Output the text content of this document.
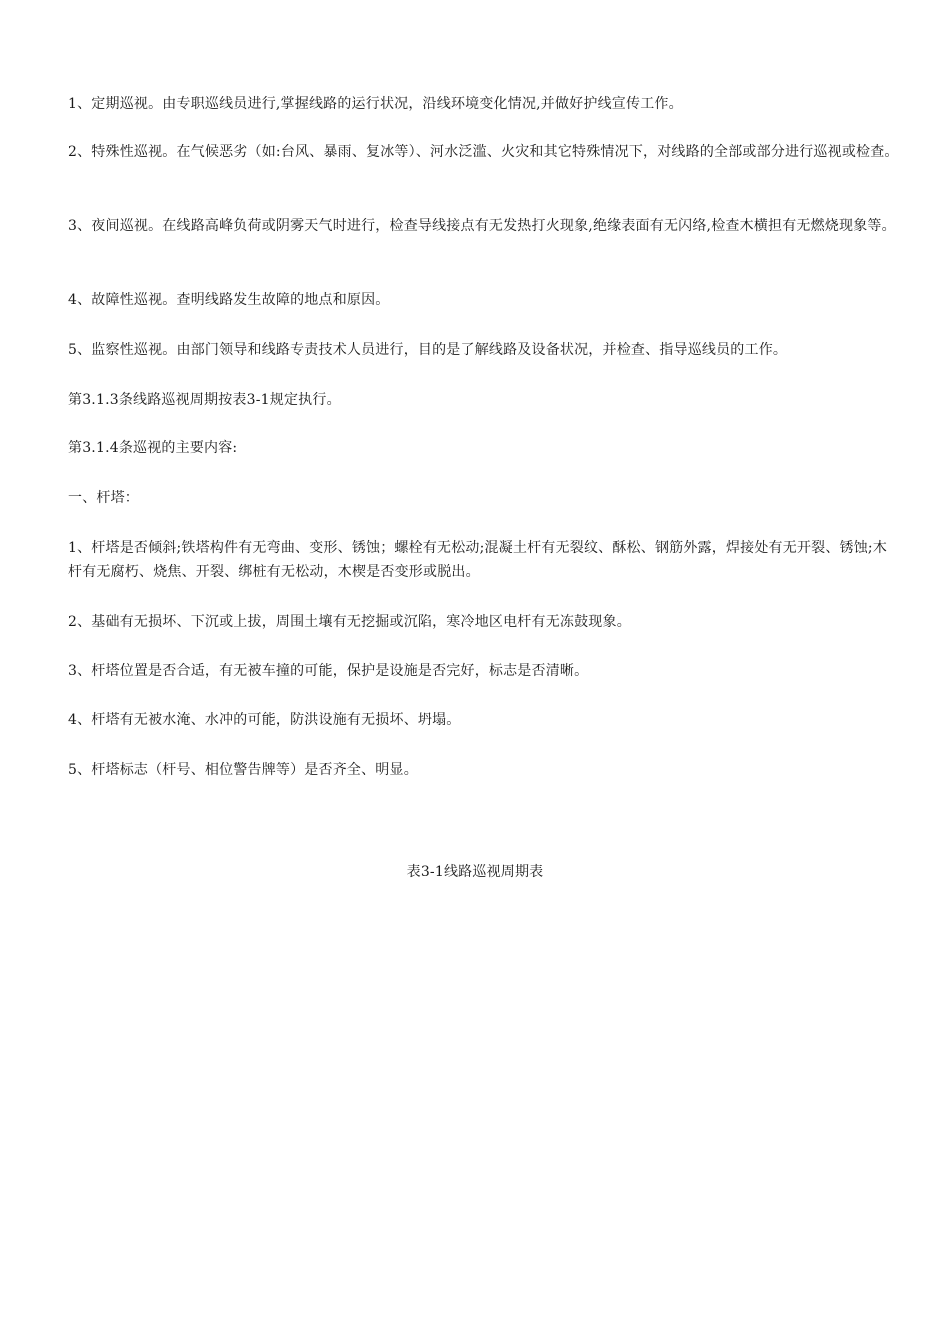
1、定期巡视。由专职巡线员进行,掌握线路的运行状况，沿线环境变化情况,并做好护线宣传工作。

2、特殊性巡视。在气候恶劣（如:台风、暴雨、复冰等）、河水泛滥、火灾和其它特殊情况下，对线路的全部或部分进行巡视或检查。

3、夜间巡视。在线路高峰负荷或阴雾天气时进行，检查导线接点有无发热打火现象,绝缘表面有无闪络,检查木横担有无燃烧现象等。

4、故障性巡视。查明线路发生故障的地点和原因。

5、监察性巡视。由部门领导和线路专责技术人员进行，目的是了解线路及设备状况，并检查、指导巡线员的工作。

第3.1.3条线路巡视周期按表3-1规定执行。

第3.1.4条巡视的主要内容:

一、杆塔：

1、杆塔是否倾斜;铁塔构件有无弯曲、变形、锈蚀；螺栓有无松动;混凝土杆有无裂纹、酥松、钢筋外露，焊接处有无开裂、锈蚀;木杆有无腐朽、烧焦、开裂、绑桩有无松动，木楔是否变形或脱出。

2、基础有无损坏、下沉或上拔，周围土壤有无挖掘或沉陷，寒冷地区电杆有无冻鼓现象。

3、杆塔位置是否合适，有无被车撞的可能，保护是设施是否完好，标志是否清晰。

4、杆塔有无被水淹、水冲的可能，防洪设施有无损坏、坍塌。

5、杆塔标志（杆号、相位警告牌等）是否齐全、明显。

表3-1线路巡视周期表
